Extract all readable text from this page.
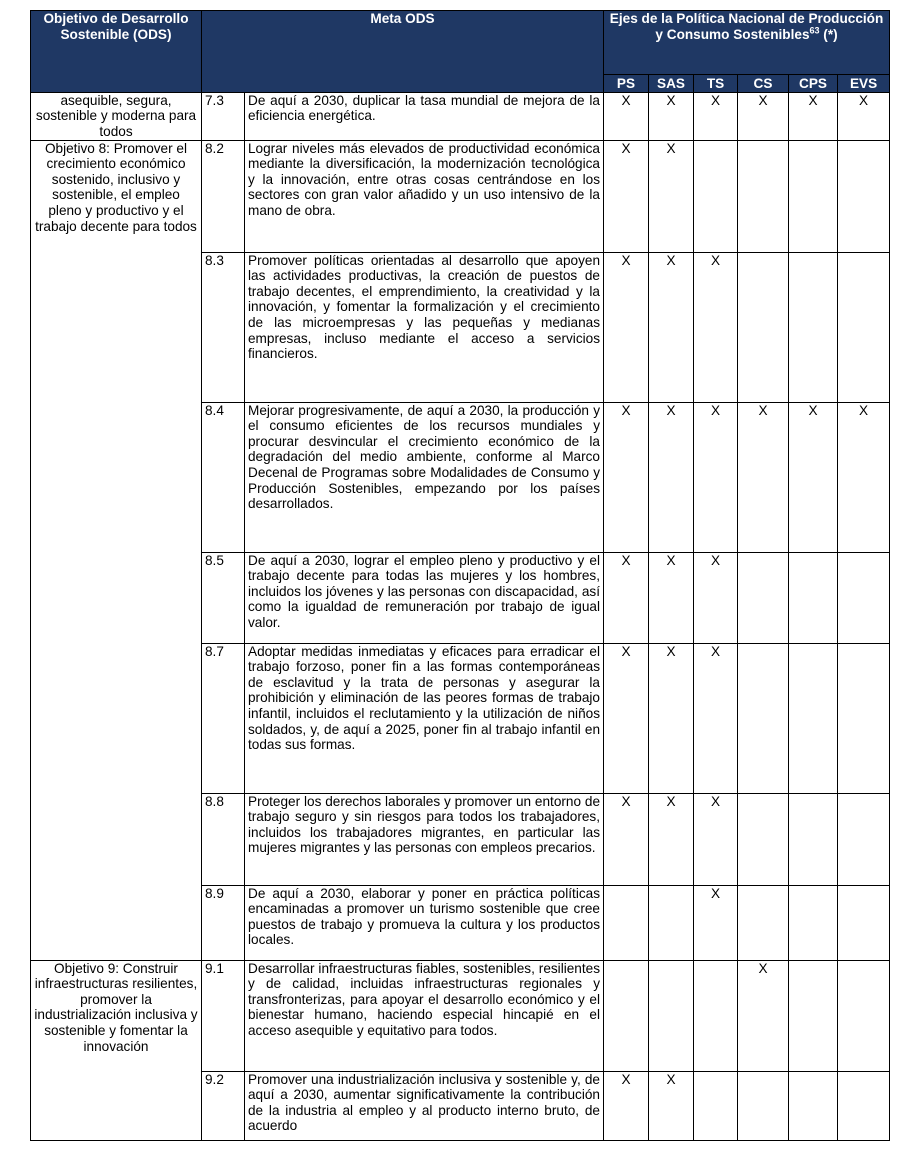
Objetivo de Desarrollo Sostenible (ODS)	Meta ODS		Ejes de la Política Nacional de Producción y Consumo Sostenibles$^{63}$ (*)					
			PS	SAS	TS	CS	CPS	EVS
asequible, segura, sostenible y moderna para todos	7.3	De aquí a 2030, duplicar la tasa mundial de mejora de la eficiencia energética.	X	X	X	X	X	X
Objetivo 8: Promover el crecimiento económico sostenido, inclusivo y sostenible, el empleo pleno y productivo y el trabajo decente para todos	8.2	Lograr niveles más elevados de productividad económica mediante la diversificación, la modernización tecnológica y la innovación, entre otras cosas centrándose en los sectores con gran valor añadido y un uso intensivo de la mano de obra.	X	X				
	8.3	Promover políticas orientadas al desarrollo que apoyen las actividades productivas, la creación de puestos de trabajo decentes, el emprendimiento, la creatividad y la innovación, y fomentar la formalización y el crecimiento de las microempresas y las pequeñas y medianas empresas, incluso mediante el acceso a servicios financieros.	X	X	X			
	8.4	Mejorar progresivamente, de aquí a 2030, la producción y el consumo eficientes de los recursos mundiales y procurar desvincular el crecimiento económico de la degradación del medio ambiente, conforme al Marco Decenal de Programas sobre Modalidades de Consumo y Producción Sostenibles, empezando por los países desarrollados.	X	X	X	X	X	X
	8.5	De aquí a 2030, lograr el empleo pleno y productivo y el trabajo decente para todas las mujeres y los hombres, incluidos los jóvenes y las personas con discapacidad, así como la igualdad de remuneración por trabajo de igual valor.	X	X	X			
	8.7	Adoptar medidas inmediatas y eficaces para erradicar el trabajo forzoso, poner fin a las formas contemporáneas de esclavitud y la trata de personas y asegurar la prohibición y eliminación de las peores formas de trabajo infantil, incluidos el reclutamiento y la utilización de niños soldados, y, de aquí a 2025, poner fin al trabajo infantil en todas sus formas.	X	X	X			
	8.8	Proteger los derechos laborales y promover un entorno de trabajo seguro y sin riesgos para todos los trabajadores, incluidos los trabajadores migrantes, en particular las mujeres migrantes y las personas con empleos precarios.	X	X	X			
	8.9	De aquí a 2030, elaborar y poner en práctica políticas encaminadas a promover un turismo sostenible que cree puestos de trabajo y promueva la cultura y los productos locales.			X			
Objetivo 9: Construir infraestructuras resilientes, promover la industrialización inclusiva y sostenible y fomentar la innovación	9.1	Desarrollar infraestructuras fiables, sostenibles, resilientes y de calidad, incluidas infraestructuras regionales y transfronterizas, para apoyar el desarrollo económico y el bienestar humano, haciendo especial hincapié en el acceso asequible y equitativo para todos.				X		
	9.2	Promover una industrialización inclusiva y sostenible y, de aquí a 2030, aumentar significativamente la contribución de la industria al empleo y al producto interno bruto, de acuerdo	X	X				
